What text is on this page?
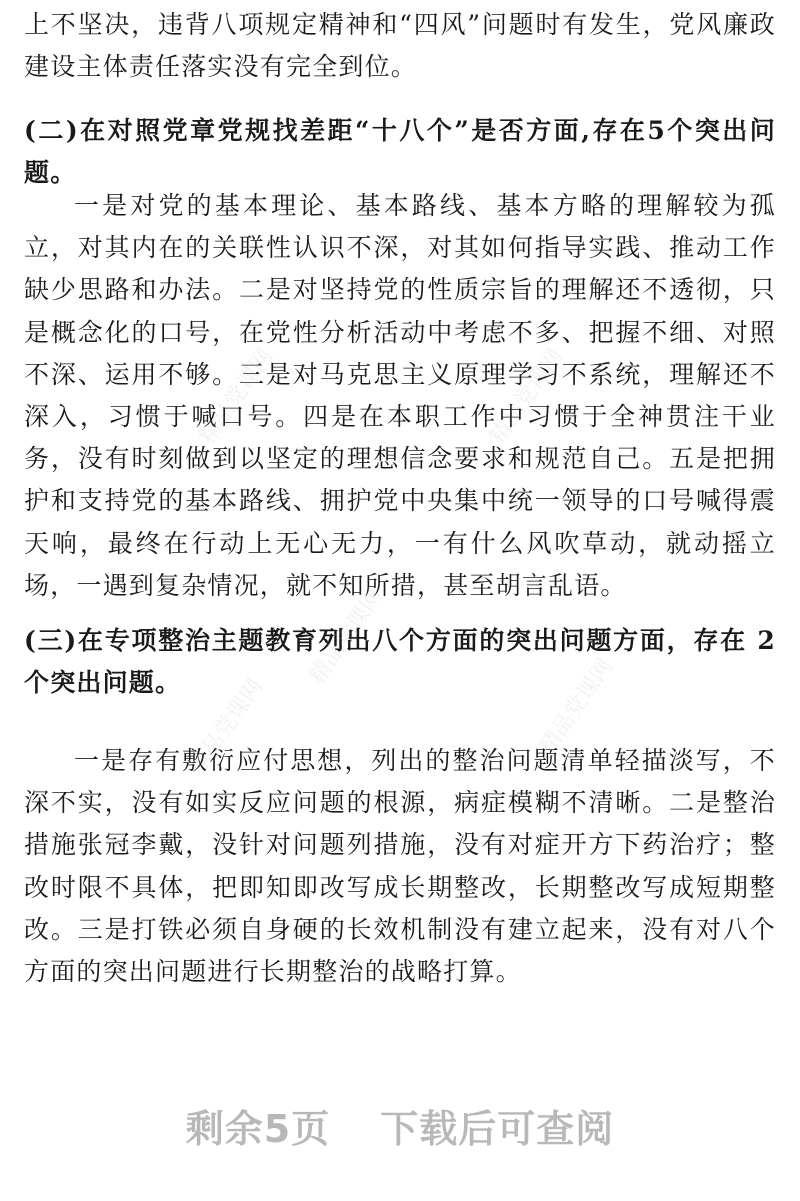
上不坚决，违背八项规定精神和“四风”问题时有发生，党风廉政建设主体责任落实没有完全到位。

(二)在对照党章党规找差距“十八个”是否方面,存在5个突出问题。

一是对党的基本理论、基本路线、基本方略的理解较为孤立，对其内在的关联性认识不深，对其如何指导实践、推动工作缺少思路和办法。二是对坚持党的性质宗旨的理解还不透彻，只是概念化的口号，在党性分析活动中考虑不多、把握不细、对照不深、运用不够。三是对马克思主义原理学习不系统，理解还不深入，习惯于喊口号。四是在本职工作中习惯于全神贯注干业务，没有时刻做到以坚定的理想信念要求和规范自己。五是把拥护和支持党的基本路线、拥护党中央集中统一领导的口号喊得震天响，最终在行动上无心无力，一有什么风吹草动，就动摇立场，一遇到复杂情况，就不知所措，甚至胡言乱语。

(三)在专项整治主题教育列出八个方面的突出问题方面，存在 2 个突出问题。

一是存有敷衍应付思想，列出的整治问题清单轻描淡写，不深不实，没有如实反应问题的根源，病症模糊不清晰。二是整治措施张冠李戴，没针对问题列措施，没有对症开方下药治疗；整改时限不具体，把即知即改写成长期整改，长期整改写成短期整改。三是打铁必须自身硬的长效机制没有建立起来，没有对八个方面的突出问题进行长期整治的战略打算。

精品党课网	精品党课网
精品党课网
精品党课网	精品党课网
剩余5页 下载后可查阅
